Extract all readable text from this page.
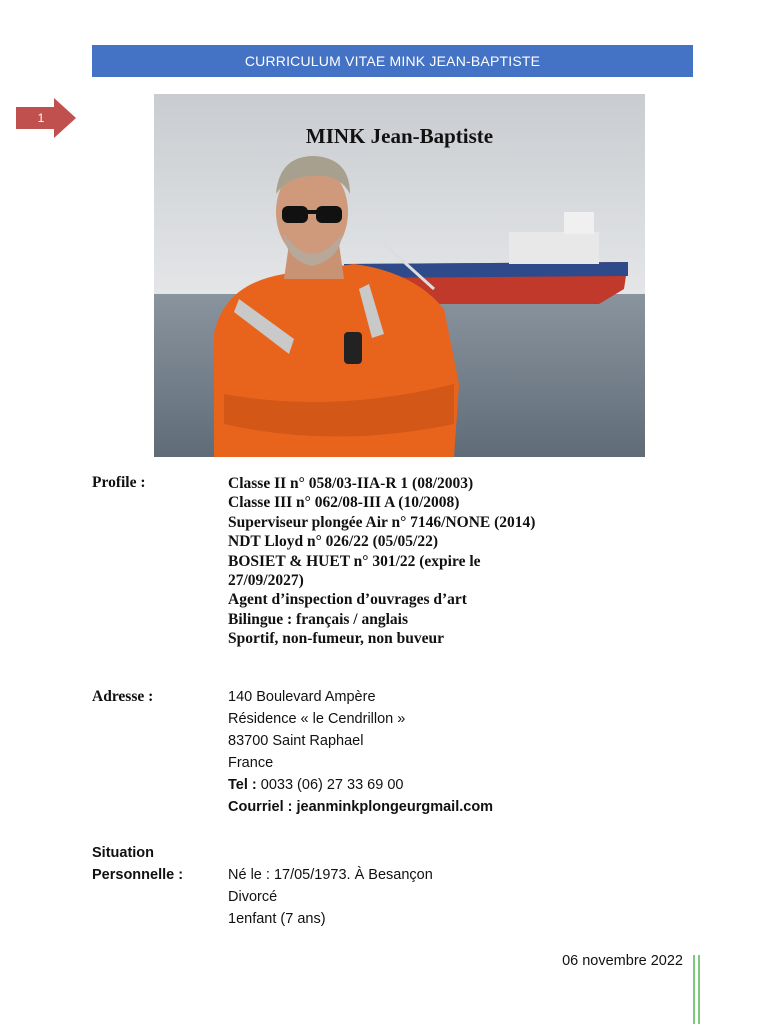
CURRICULUM VITAE MINK JEAN-BAPTISTE
1
MINK Jean-Baptiste
Profile :	Classe II n° 058/03-IIA-R 1 (08/2003)
Classe III n° 062/08-III A (10/2008)
Superviseur plongée Air n° 7146/NONE (2014)
NDT Lloyd n° 026/22 (05/05/22)
BOSIET & HUET n° 301/22 (expire le 27/09/2027)
Agent d’inspection d’ouvrages d’art
Bilingue : français / anglais
Sportif, non-fumeur, non buveur
Adresse :	140 Boulevard Ampère
Résidence « le Cendrillon »
83700 Saint Raphael
France
Tel : 0033 (06) 27 33 69 00
Courriel : jeanminkplongeurgmail.com
Situation
Personnelle :	Né le : 17/05/1973. À Besançon
Divorcé
1enfant (7 ans)
06 novembre 2022
